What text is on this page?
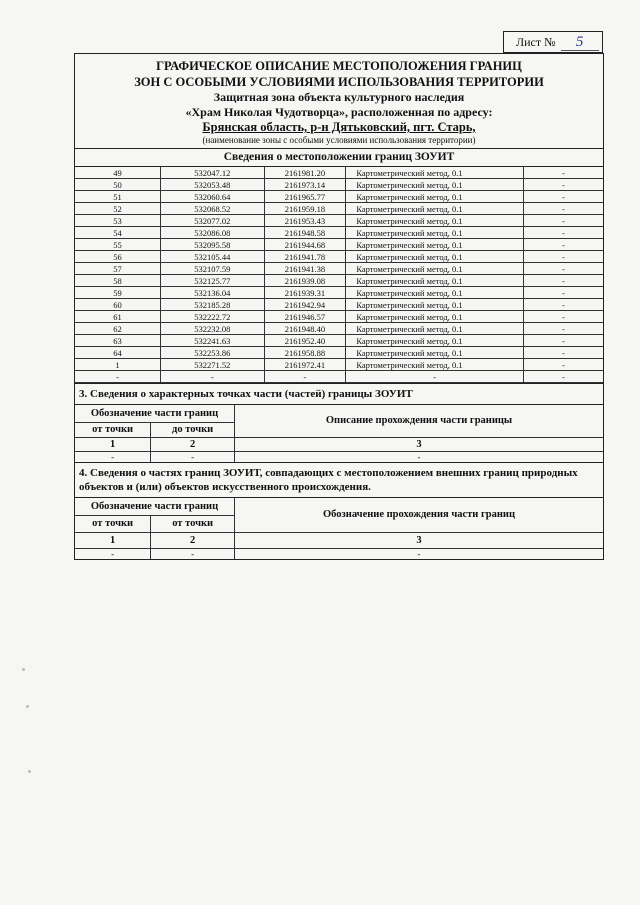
Лист № 5
ГРАФИЧЕСКОЕ ОПИСАНИЕ МЕСТОПОЛОЖЕНИЯ ГРАНИЦ
ЗОН С ОСОБЫМИ УСЛОВИЯМИ ИСПОЛЬЗОВАНИЯ ТЕРРИТОРИИ
Защитная зона объекта культурного наследия
«Храм Николая Чудотворца», расположенная по адресу:
Брянская область, р-н Дятьковский, пгт. Старь,
(наименование зоны с особыми условиями использования территории)
Сведения о местоположении границ ЗОУИТ
49	532047.12	2161981.20	Картометрический метод, 0.1	-
50	532053.48	2161973.14	Картометрический метод, 0.1	-
51	532060.64	2161965.77	Картометрический метод, 0.1	-
52	532068.52	2161959.18	Картометрический метод, 0.1	-
53	532077.02	2161953.43	Картометрический метод, 0.1	-
54	532086.08	2161948.58	Картометрический метод, 0.1	-
55	532095.58	2161944.68	Картометрический метод, 0.1	-
56	532105.44	2161941.78	Картометрический метод, 0.1	-
57	532107.59	2161941.38	Картометрический метод, 0.1	-
58	532125.77	2161939.08	Картометрический метод, 0.1	-
59	532136.04	2161939.31	Картометрический метод, 0.1	-
60	532185.28	2161942.94	Картометрический метод, 0.1	-
61	532222.72	2161946.57	Картометрический метод, 0.1	-
62	532232.08	2161948.40	Картометрический метод, 0.1	-
63	532241.63	2161952.40	Картометрический метод, 0.1	-
64	532253.86	2161958.88	Картометрический метод, 0.1	-
1	532271.52	2161972.41	Картометрический метод, 0.1	-
-	-	-	-	-
3. Сведения о характерных точках части (частей) границы ЗОУИТ
Обозначение части границ		Описание прохождения части границы
от точки	до точки	
1	2	3
-	-	-
4. Сведения о частях границ ЗОУИТ, совпадающих с местоположением внешних границ природных объектов и (или) объектов искусственного происхождения.
Обозначение части границ		Обозначение прохождения части границ
от точки	от точки	
1	2	3
-	-	-
